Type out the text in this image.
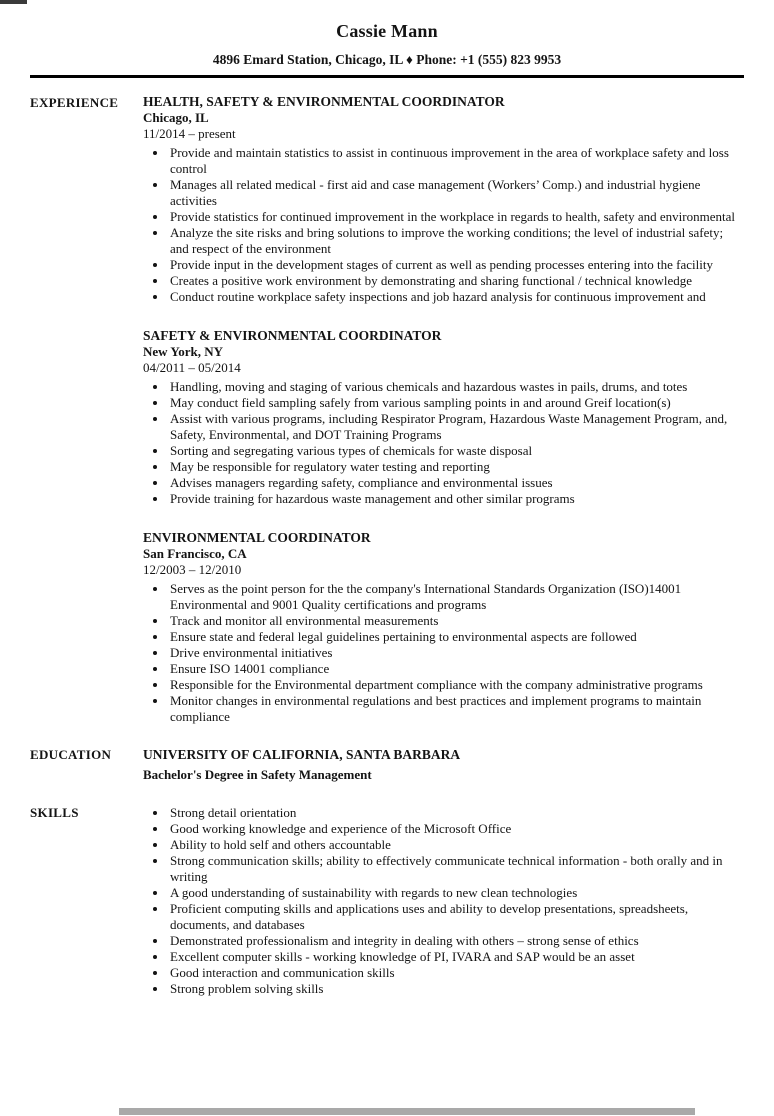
Cassie Mann
4896 Emard Station, Chicago, IL ♦ Phone: +1 (555) 823 9953
EXPERIENCE	HEALTH, SAFETY & ENVIRONMENTAL COORDINATOR
Chicago, IL
11/2014 – present
• Provide and maintain statistics to assist in continuous improvement in the area of workplace safety and loss control
• Manages all related medical - first aid and case management (Workers’ Comp.) and industrial hygiene activities
• Provide statistics for continued improvement in the workplace in regards to health, safety and environmental
• Analyze the site risks and bring solutions to improve the working conditions; the level of industrial safety; and respect of the environment
• Provide input in the development stages of current as well as pending processes entering into the facility
• Creates a positive work environment by demonstrating and sharing functional / technical knowledge
• Conduct routine workplace safety inspections and job hazard analysis for continuous improvement and
SAFETY & ENVIRONMENTAL COORDINATOR
New York, NY
04/2011 – 05/2014
• Handling, moving and staging of various chemicals and hazardous wastes in pails, drums, and totes
• May conduct field sampling safely from various sampling points in and around Greif location(s)
• Assist with various programs, including Respirator Program, Hazardous Waste Management Program, and, Safety, Environmental, and DOT Training Programs
• Sorting and segregating various types of chemicals for waste disposal
• May be responsible for regulatory water testing and reporting
• Advises managers regarding safety, compliance and environmental issues
• Provide training for hazardous waste management and other similar programs
ENVIRONMENTAL COORDINATOR
San Francisco, CA
12/2003 – 12/2010
• Serves as the point person for the the company's International Standards Organization (ISO)14001 Environmental and 9001 Quality certifications and programs
• Track and monitor all environmental measurements
• Ensure state and federal legal guidelines pertaining to environmental aspects are followed
• Drive environmental initiatives
• Ensure ISO 14001 compliance
• Responsible for the Environmental department compliance with the company administrative programs
• Monitor changes in environmental regulations and best practices and implement programs to maintain compliance
EDUCATION	UNIVERSITY OF CALIFORNIA, SANTA BARBARA
Bachelor's Degree in Safety Management
SKILLS	• Strong detail orientation
• Good working knowledge and experience of the Microsoft Office
• Ability to hold self and others accountable
• Strong communication skills; ability to effectively communicate technical information - both orally and in writing
• A good understanding of sustainability with regards to new clean technologies
• Proficient computing skills and applications uses and ability to develop presentations, spreadsheets, documents, and databases
• Demonstrated professionalism and integrity in dealing with others – strong sense of ethics
• Excellent computer skills - working knowledge of PI, IVARA and SAP would be an asset
• Good interaction and communication skills
• Strong problem solving skills
